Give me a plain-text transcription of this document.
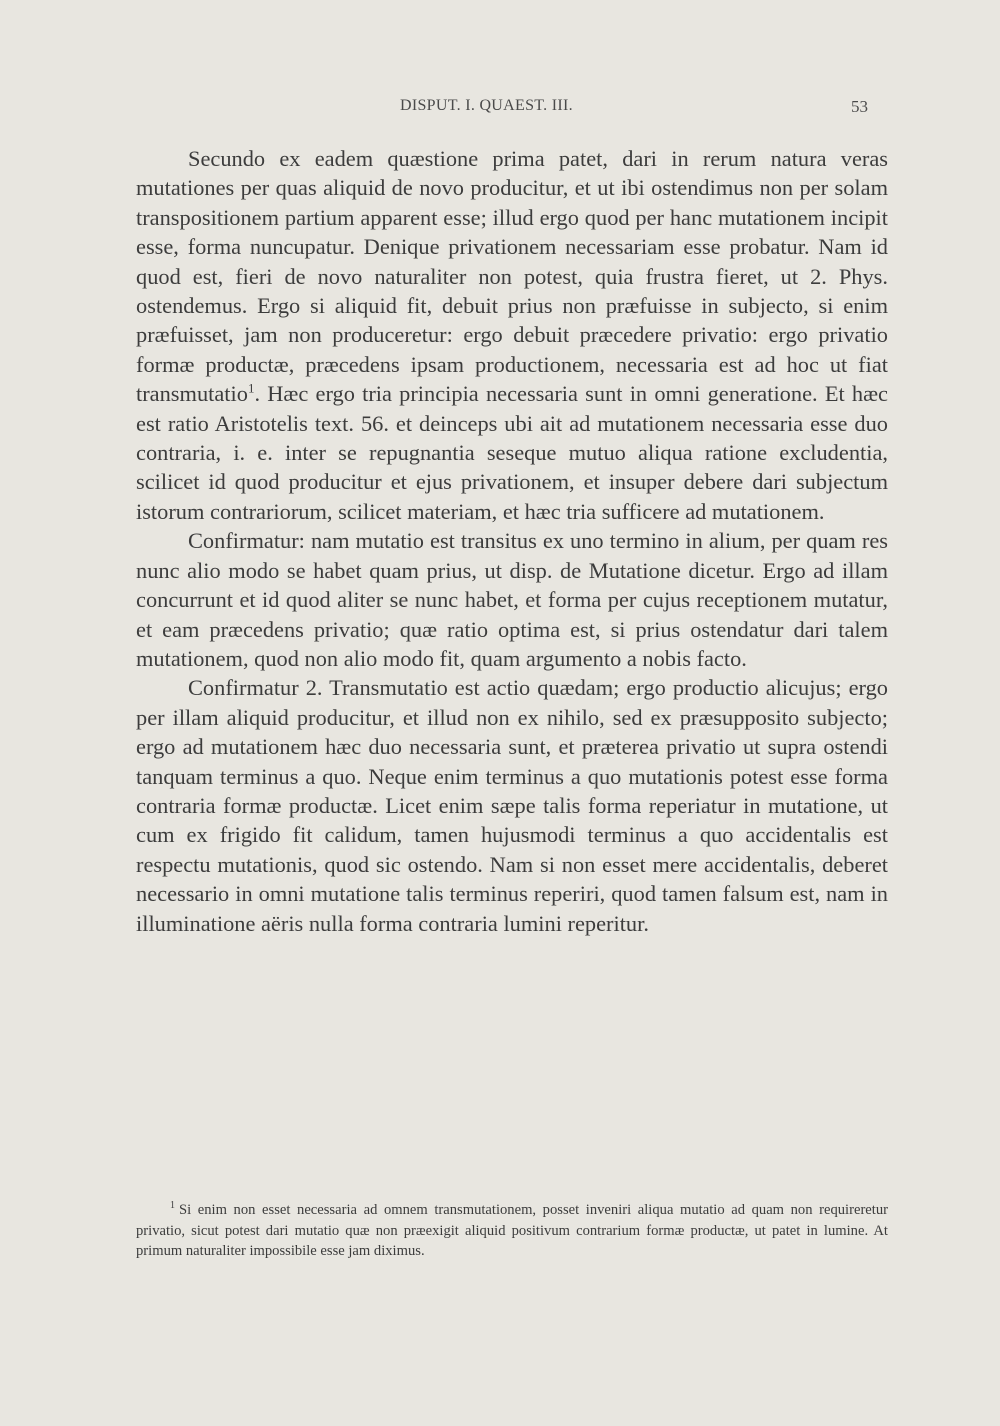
DISPUT. I. QUAEST. III.	53

Secundo ex eadem quæstione prima patet, dari in rerum natura veras mutationes per quas aliquid de novo producitur, et ut ibi ostendimus non per solam transpositionem partium apparent esse; illud ergo quod per hanc mutationem incipit esse, forma nuncupatur. Denique privationem necessariam esse probatur. Nam id quod est, fieri de novo naturaliter non potest, quia frustra fieret, ut 2. Phys. ostendemus. Ergo si aliquid fit, debuit prius non præfuisse in subjecto, si enim præfuisset, jam non produceretur: ergo debuit præcedere privatio: ergo privatio formæ productæ, præcedens ipsam productionem, necessaria est ad hoc ut fiat transmutatio$^1$. Hæc ergo tria principia necessaria sunt in omni generatione. Et hæc est ratio Aristotelis text. 56. et deinceps ubi ait ad mutationem necessaria esse duo contraria, i. e. inter se repugnantia seseque mutuo aliqua ratione excludentia, scilicet id quod producitur et ejus privationem, et insuper debere dari subjectum istorum contrariorum, scilicet materiam, et hæc tria sufficere ad mutationem.

Confirmatur: nam mutatio est transitus ex uno termino in alium, per quam res nunc alio modo se habet quam prius, ut disp. de Mutatione dicetur. Ergo ad illam concurrunt et id quod aliter se nunc habet, et forma per cujus receptionem mutatur, et eam præcedens privatio; quæ ratio optima est, si prius ostendatur dari talem mutationem, quod non alio modo fit, quam argumento a nobis facto.

Confirmatur 2. Transmutatio est actio quædam; ergo productio alicujus; ergo per illam aliquid producitur, et illud non ex nihilo, sed ex præsupposito subjecto; ergo ad mutationem hæc duo necessaria sunt, et præterea privatio ut supra ostendi tanquam terminus a quo. Neque enim terminus a quo mutationis potest esse forma contraria formæ productæ. Licet enim sæpe talis forma reperiatur in mutatione, ut cum ex frigido fit calidum, tamen hujusmodi terminus a quo accidentalis est respectu mutationis, quod sic ostendo. Nam si non esset mere accidentalis, deberet necessario in omni mutatione talis terminus reperiri, quod tamen falsum est, nam in illuminatione aëris nulla forma contraria lumini reperitur.

$^1$ Si enim non esset necessaria ad omnem transmutationem, posset inveniri aliqua mutatio ad quam non requireretur privatio, sicut potest dari mutatio quæ non præexigit aliquid positivum contrarium formæ productæ, ut patet in lumine. At primum naturaliter impossibile esse jam diximus.
